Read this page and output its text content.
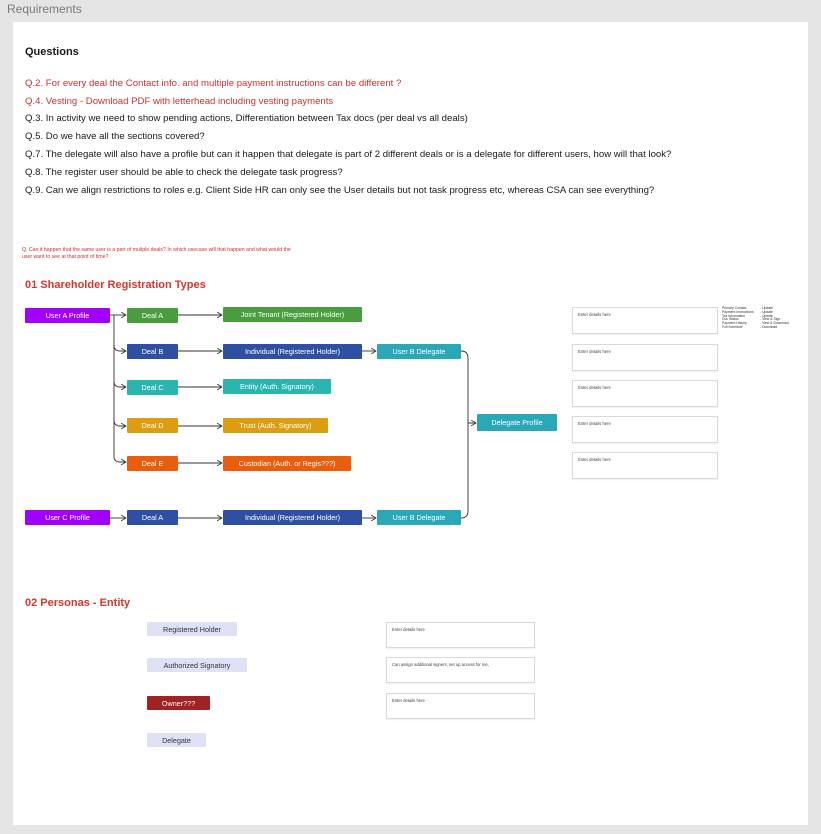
Requirements
Questions
Q.2. For every deal the Contact info. and multiple payment instructions can be different ?
Q.4. Vesting - Download PDF with letterhead including vesting payments
Q.3. In activity we need to show pending actions, Differentiation between Tax docs (per deal vs all deals)
Q.5. Do we have all the sections covered?
Q.7. The delegate will also have a profile but can it happen that delegate is part of 2 different deals or is a delegate for different users, how will that look?
Q.8. The register user should be able to check the delegate task progress?
Q.9. Can we align restrictions to roles e.g. Client Side HR can only see the User details but not task progress etc, whereas CSA can see everything?
Q. Can it happen that the same user is a part of muliple deals? In which usecase will that happen and what would the user want to see at that point of time?
01 Shareholder Registration Types
User A Profile
User C Profile
Deal A
Deal B
Deal C
Deal D
Deal E
Deal A
Joint Tenant (Registered Holder)
Individual (Registered Holder)
Entity (Auth. Signatory)
Trust (Auth. Signatory)
Custodian (Auth. or Regis???)
Individual (Registered Holder)
User B Delegate
User B Delegate
Delegate Profile
Enter details here
Enter details here
Enter details here
Enter details here
Enter details here
Primary Contact	- Update
Payment Instructions	- Update
Tax Information	- Update
Doc Status	- View & Sign
Payment History	- View & Download
Full Schedule	- Download
02 Personas - Entity
Registered Holder
Authorized Signatory
Owner???
Delegate
Enter details here
Can assign additional signers, set up access for me,
Enter details here
